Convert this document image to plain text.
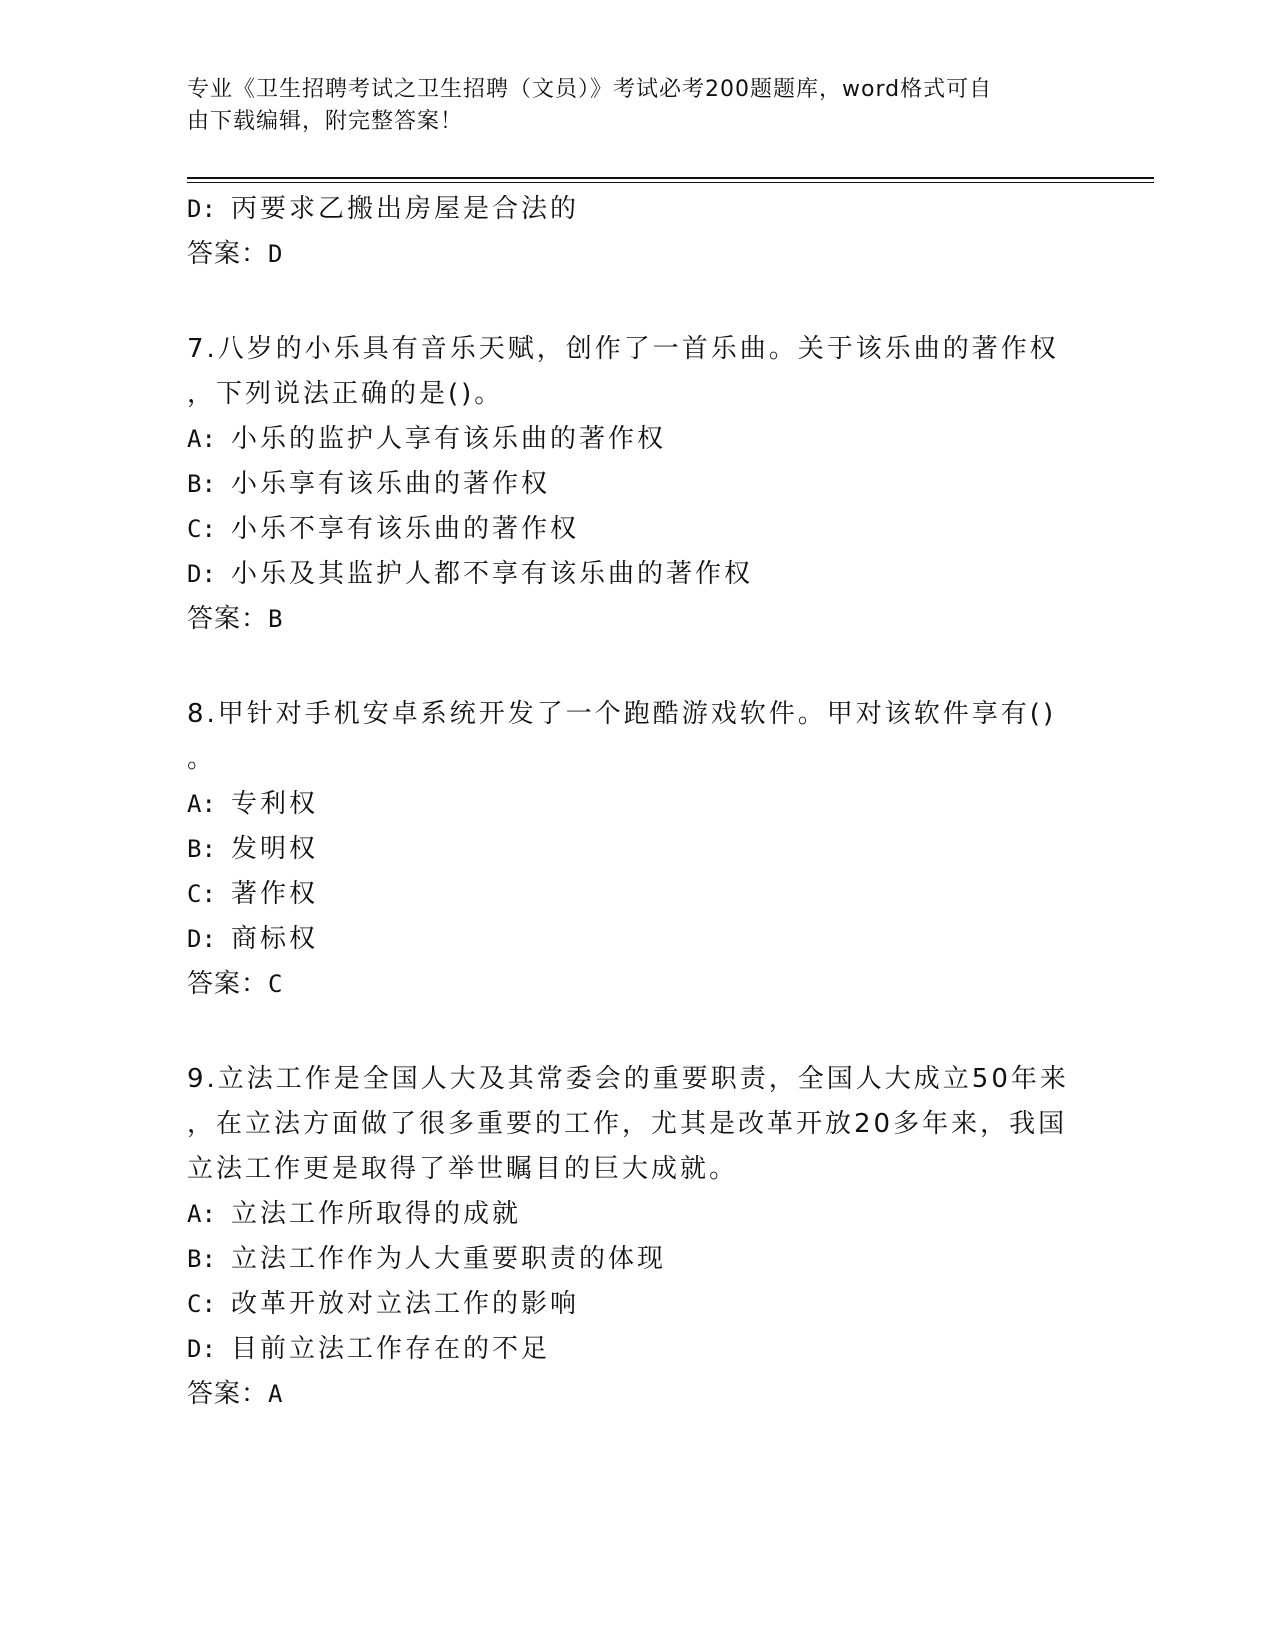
专业《卫生招聘考试之卫生招聘（文员）》考试必考200题题库，word格式可自
由下载编辑，附完整答案！
D: 丙要求乙搬出房屋是合法的
答案：D
7.八岁的小乐具有音乐天赋，创作了一首乐曲。关于该乐曲的著作权
，下列说法正确的是()。
A: 小乐的监护人享有该乐曲的著作权
B: 小乐享有该乐曲的著作权
C: 小乐不享有该乐曲的著作权
D: 小乐及其监护人都不享有该乐曲的著作权
答案：B
8.甲针对手机安卓系统开发了一个跑酷游戏软件。甲对该软件享有()
。
A: 专利权
B: 发明权
C: 著作权
D: 商标权
答案：C
9.立法工作是全国人大及其常委会的重要职责，全国人大成立50年来
，在立法方面做了很多重要的工作，尤其是改革开放20多年来，我国
立法工作更是取得了举世瞩目的巨大成就。
A: 立法工作所取得的成就
B: 立法工作作为人大重要职责的体现
C: 改革开放对立法工作的影响
D: 目前立法工作存在的不足
答案：A
